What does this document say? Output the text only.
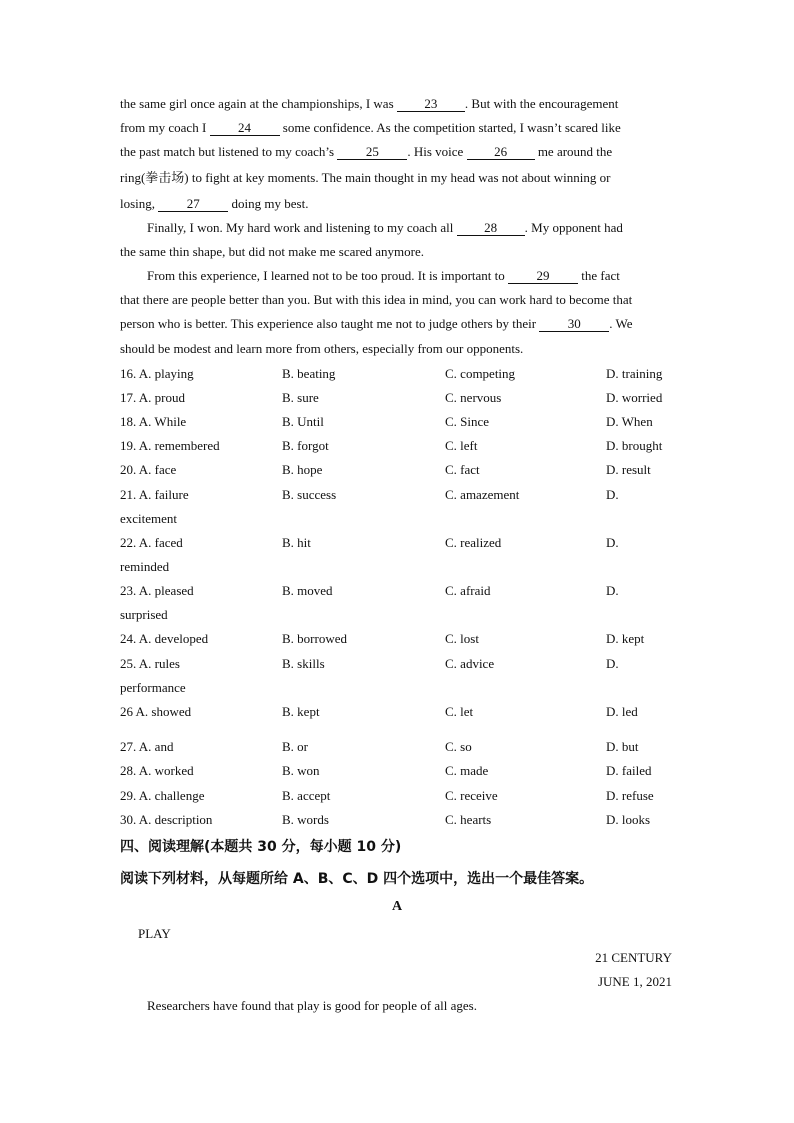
the same girl once again at the championships, I was 23 . But with the encouragement
from my coach I 24 some confidence. As the competition started, I wasn’t scared like
the past match but listened to my coach’s 25 . His voice 26 me around the
ring(拳击场) to fight at key moments. The main thought in my head was not about winning or
losing, 27 doing my best.
Finally, I won. My hard work and listening to my coach all 28 . My opponent had
the same thin shape, but did not make me scared anymore.
From this experience, I learned not to be too proud. It is important to 29 the fact
that there are people better than you. But with this idea in mind, you can work hard to become that
person who is better. This experience also taught me not to judge others by their 30 . We
should be modest and learn more from others, especially from our opponents.
16. A. playing	B. beating	C. competing	D. training
17. A. proud	B. sure	C. nervous	D. worried
18. A. While	B. Until	C. Since	D. When
19. A. remembered	B. forgot	C. left	D. brought
20. A. face	B. hope	C. fact	D. result
21. A. failure	B. success	C. amazement	D.
excitement
22. A. faced	B. hit	C. realized	D.
reminded
23. A. pleased	B. moved	C. afraid	D.
surprised
24. A. developed	B. borrowed	C. lost	D. kept
25. A. rules	B. skills	C. advice	D.
performance
26 A. showed	B. kept	C. let	D. led
27. A. and	B. or	C. so	D. but
28. A. worked	B. won	C. made	D. failed
29. A. challenge	B. accept	C. receive	D. refuse
30. A. description	B. words	C. hearts	D. looks
四、阅读理解(本题共 30 分，每小题 10 分)
阅读下列材料，从每题所给 A、B、C、D 四个选项中，选出一个最佳答案。
A
PLAY
21 CENTURY
JUNE 1, 2021
Researchers have found that play is good for people of all ages.
